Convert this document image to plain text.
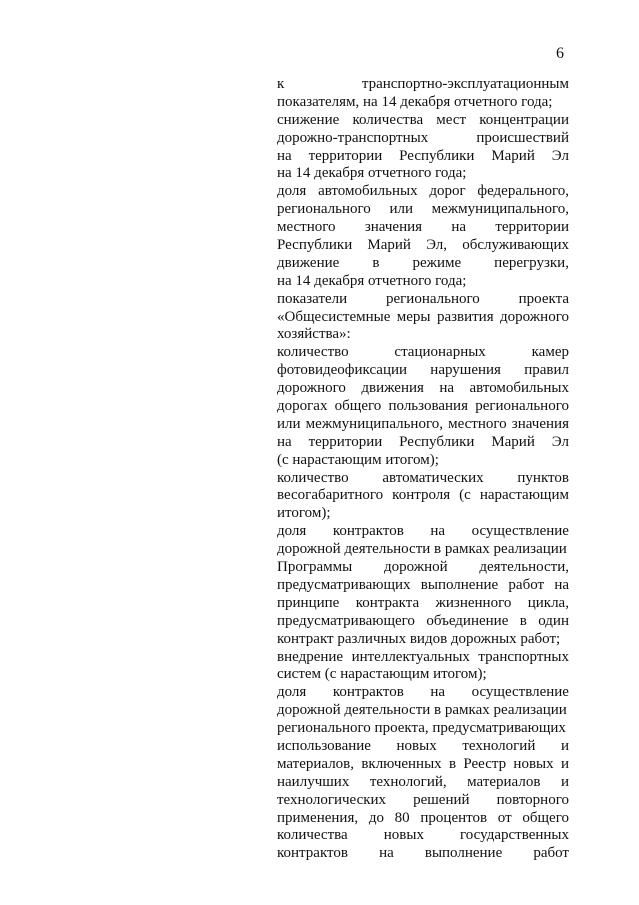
6
к	транспортно-эксплуатационным
показателям, на 14 декабря отчетного года;
снижение количества мест концентрации
дорожно-транспортных	происшествий
на территории Республики Марий Эл
на 14 декабря отчетного года;
доля автомобильных дорог федерального,
регионального или межмуниципального,
местного значения на территории
Республики Марий Эл, обслуживающих
движение в режиме перегрузки,
на 14 декабря отчетного года;
показатели	регионального	проекта
«Общесистемные меры развития дорожного
хозяйства»:
количество	стационарных	камер
фотовидеофиксации нарушения правил
дорожного движения на автомобильных
дорогах общего пользования регионального
или межмуниципального, местного значения
на территории Республики Марий Эл
(с нарастающим итогом);
количество автоматических пунктов
весогабаритного контроля (с нарастающим
итогом);
доля контрактов на осуществление
дорожной деятельности в рамках реализации
Программы дорожной деятельности,
предусматривающих выполнение работ на
принципе контракта жизненного цикла,
предусматривающего объединение в один
контракт различных видов дорожных работ;
внедрение интеллектуальных транспортных
систем (с нарастающим итогом);
доля контрактов на осуществление
дорожной деятельности в рамках реализации
регионального проекта, предусматривающих
использование новых технологий и
материалов, включенных в Реестр новых и
наилучших технологий, материалов и
технологических решений повторного
применения, до 80 процентов от общего
количества новых государственных
контрактов на выполнение работ
